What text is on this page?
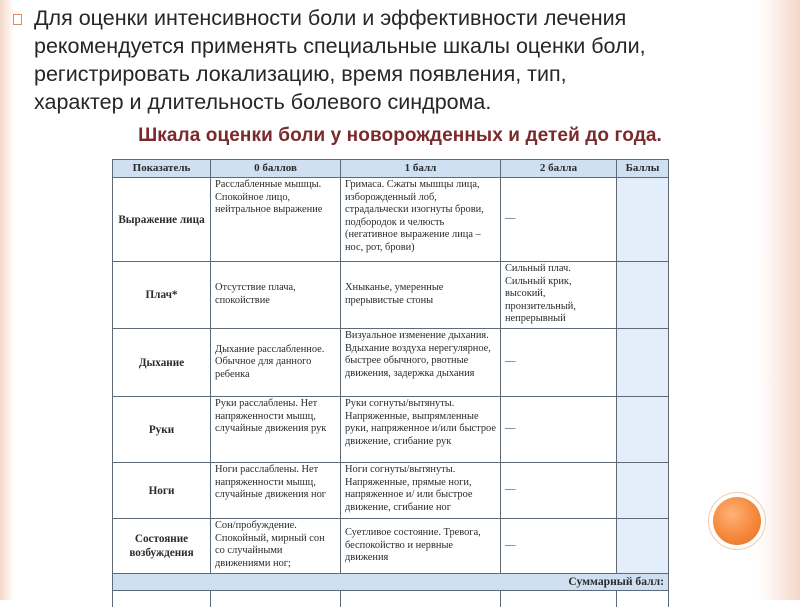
Для оценки интенсивности боли и эффективности лечения
рекомендуется применять специальные шкалы оценки боли,
регистрировать локализацию, время появления, тип,
характер и длительность болевого синдрома.
Шкала оценки боли у новорожденных и детей до года.
Показатель	0 баллов	1 балл	2 балла	Баллы
Выражение лица	Расслабленные мышцы. Спокойное лицо, нейтральное выражение	Гримаса. Сжаты мышцы лица, изборожденный лоб, страдальчески изогнуты брови, подбородок и челюсть (негативное выражение лица – нос, рот, брови)	—	
Плач*	Отсутствие плача, спокойствие	Хныканье, умеренные прерывистые стоны	Сильный плач. Сильный крик, высокий, пронзительный, непрерывный	
Дыхание	Дыхание расслабленное. Обычное для данного ребенка	Визуальное изменение дыхания. Вдыхание воздуха нерегулярное, быстрее обычного, рвотные движения, задержка дыхания	—	
Руки	Руки расслаблены. Нет напряженности мышц, случайные движения рук	Руки согнуты/вытянуты. Напряженные, выпрямленные руки, напряженное и/или быстрое движение, сгибание рук	—	
Ноги	Ноги расслаблены. Нет напряженности мышц, случайные движения ног	Ноги согнуты/вытянуты. Напряженные, прямые ноги, напряженное и/ или быстрое движение, сгибание ног	—	
Состояние возбуждения	Сон/пробуждение. Спокойный, мирный сон со случайными движениями ног;	Суетливое состояние. Тревога, беспокойство и нервные движения	—	
Суммарный балл:				
